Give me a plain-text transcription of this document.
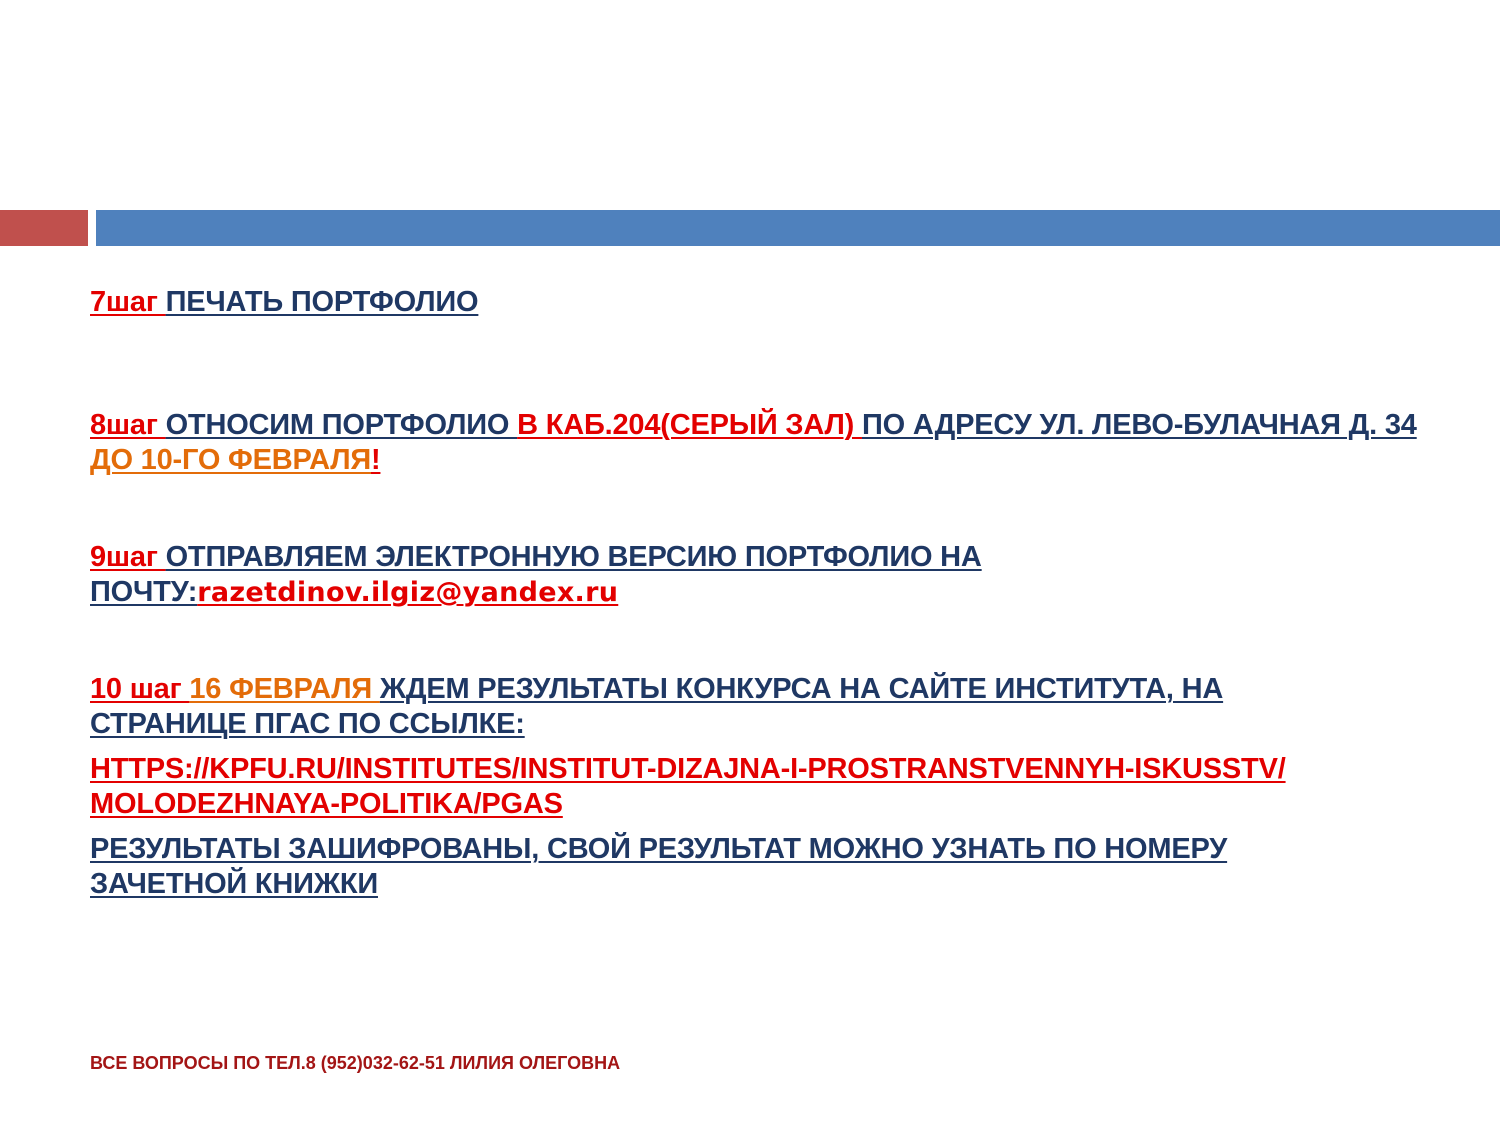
7шаг ПЕЧАТЬ ПОРТФОЛИО

8шаг ОТНОСИМ ПОРТФОЛИО В КАБ.204(СЕРЫЙ ЗАЛ) ПО АДРЕСУ УЛ. ЛЕВО-БУЛАЧНАЯ Д. 34
ДО 10-ГО ФЕВРАЛЯ!

9шаг ОТПРАВЛЯЕМ ЭЛЕКТРОННУЮ ВЕРСИЮ ПОРТФОЛИО НА ПОЧТУ:razetdinov.ilgiz@yandex.ru

10 шаг 16 ФЕВРАЛЯ ЖДЕМ РЕЗУЛЬТАТЫ КОНКУРСА НА САЙТЕ ИНСТИТУТА, НА СТРАНИЦЕ ПГАС ПО ССЫЛКЕ:

HTTPS://KPFU.RU/INSTITUTES/INSTITUT-DIZAJNA-I-PROSTRANSTVENNYH-ISKUSSTV/MOLODEZHNAYA-POLITIKA/PGAS

РЕЗУЛЬТАТЫ ЗАШИФРОВАНЫ, СВОЙ РЕЗУЛЬТАТ МОЖНО УЗНАТЬ ПО НОМЕРУ ЗАЧЕТНОЙ КНИЖКИ

ВСЕ ВОПРОСЫ ПО ТЕЛ.8 (952)032-62-51 ЛИЛИЯ ОЛЕГОВНА
